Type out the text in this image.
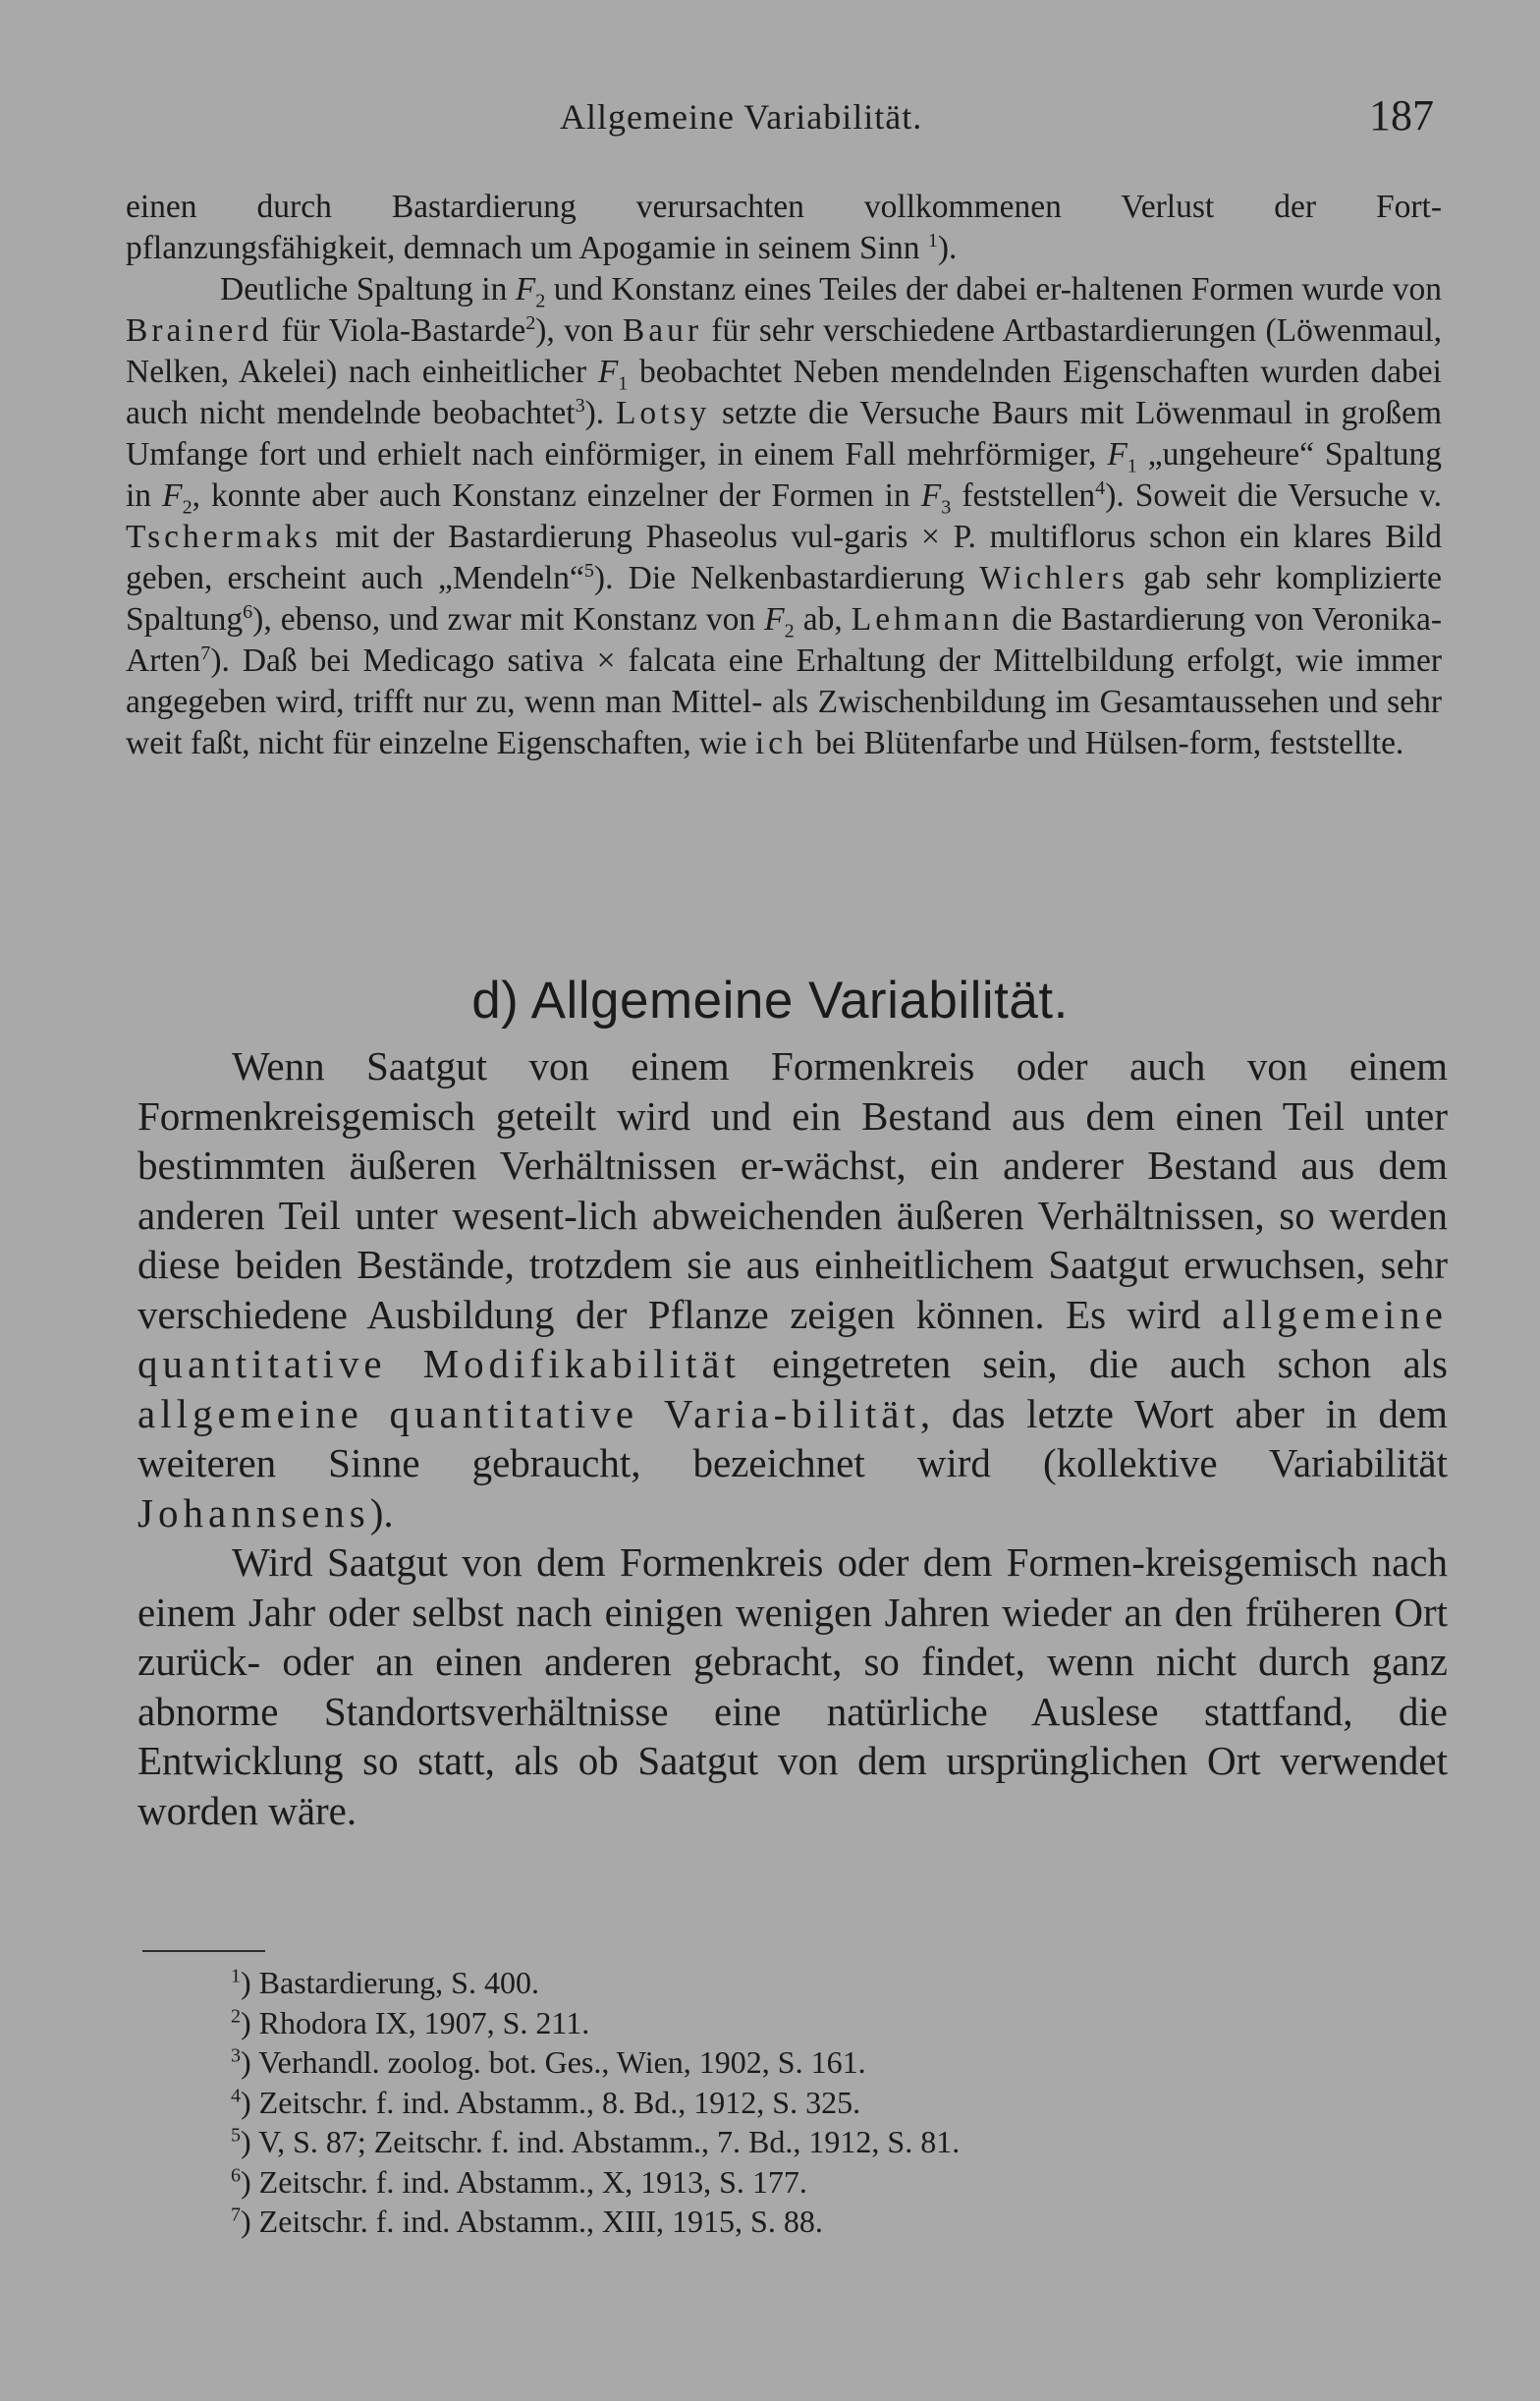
Allgemeine Variabilität.	187

einen durch Bastardierung verursachten vollkommenen Verlust der Fort-

pflanzungsfähigkeit, demnach um Apogamie in seinem Sinn $^1$).

Deutliche Spaltung in $F_2$ und Konstanz eines Teiles der dabei er-haltenen Formen wurde von Brainerd für Viola-Bastarde$^2$), von Baur für sehr verschiedene Artbastardierungen (Löwenmaul, Nelken, Akelei) nach einheitlicher $F_1$ beobachtet Neben mendelnden Eigenschaften wurden dabei auch nicht mendelnde beobachtet$^3$). Lotsy setzte die Versuche Baurs mit Löwenmaul in großem Umfange fort und erhielt nach einförmiger, in einem Fall mehrförmiger, $F_1$ „ungeheure“ Spaltung in $F_2$, konnte aber auch Konstanz einzelner der Formen in $F_3$ feststellen$^4$). Soweit die Versuche v. Tschermaks mit der Bastardierung Phaseolus vul-garis × P. multiflorus schon ein klares Bild geben, erscheint auch „Mendeln“$^5$). Die Nelkenbastardierung Wichlers gab sehr komplizierte Spaltung$^6$), ebenso, und zwar mit Konstanz von $F_2$ ab, Lehmann die Bastardierung von Veronika-Arten$^7$). Daß bei Medicago sativa × falcata eine Erhaltung der Mittelbildung erfolgt, wie immer angegeben wird, trifft nur zu, wenn man Mittel- als Zwischenbildung im Gesamtaussehen und sehr weit faßt, nicht für einzelne Eigenschaften, wie ich bei Blütenfarbe und Hülsen-form, feststellte.

d) Allgemeine Variabilität.

Wenn Saatgut von einem Formenkreis oder auch von einem Formenkreisgemisch geteilt wird und ein Bestand aus dem einen Teil unter bestimmten äußeren Verhältnissen er-wächst, ein anderer Bestand aus dem anderen Teil unter wesent-lich abweichenden äußeren Verhältnissen, so werden diese beiden Bestände, trotzdem sie aus einheitlichem Saatgut erwuchsen, sehr verschiedene Ausbildung der Pflanze zeigen können. Es wird allgemeine quantitative Modifikabilität eingetreten sein, die auch schon als allgemeine quantitative Varia-bilität, das letzte Wort aber in dem weiteren Sinne gebraucht, bezeichnet wird (kollektive Variabilität Johannsens).

Wird Saatgut von dem Formenkreis oder dem Formen-kreisgemisch nach einem Jahr oder selbst nach einigen wenigen Jahren wieder an den früheren Ort zurück- oder an einen anderen gebracht, so findet, wenn nicht durch ganz abnorme Standortsverhältnisse eine natürliche Auslese stattfand, die Entwicklung so statt, als ob Saatgut von dem ursprünglichen Ort verwendet worden wäre.

$^1$) Bastardierung, S. 400.
$^2$) Rhodora IX, 1907, S. 211.
$^3$) Verhandl. zoolog. bot. Ges., Wien, 1902, S. 161.
$^4$) Zeitschr. f. ind. Abstamm., 8. Bd., 1912, S. 325.
$^5$) V, S. 87; Zeitschr. f. ind. Abstamm., 7. Bd., 1912, S. 81.
$^6$) Zeitschr. f. ind. Abstamm., X, 1913, S. 177.
$^7$) Zeitschr. f. ind. Abstamm., XIII, 1915, S. 88.
